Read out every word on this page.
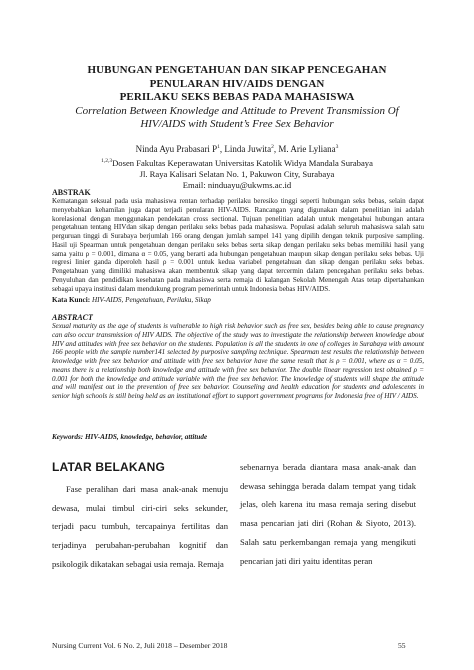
HUBUNGAN PENGETAHUAN DAN SIKAP PENCEGAHAN
PENULARAN HIV/AIDS DENGAN
PERILAKU SEKS BEBAS PADA MAHASISWA
Correlation Between Knowledge and Attitude to Prevent Transmission Of
HIV/AIDS with Student’s Free Sex Behavior
Ninda Ayu Prabasari $P^1$, Linda Juwita$^2$, M. Arie Lyliana$^3$
$^{1,2,3}$Dosen Fakultas Keperawatan Universitas Katolik Widya Mandala Surabaya
Jl. Raya Kalisari Selatan No. 1, Pakuwon City, Surabaya
Email: ninduayu@ukwms.ac.id
ABSTRAK

Kematangan seksual pada usia mahasiswa rentan terhadap perilaku beresiko tinggi seperti hubungan seks bebas, selain dapat menyebabkan kehamilan juga dapat terjadi penularan HIV-AIDS. Rancangan yang digunakan dalam penelitian ini adalah korelasional dengan menggunakan pendekatan cross sectional. Tujuan penelitian adalah untuk mengetahui hubungan antara pengetahuan tentang HIVdan sikap dengan perilaku seks bebas pada mahasiswa. Populasi adalah seluruh mahasiswa salah satu perguruan tinggi di Surabaya berjumlah 166 orang dengan jumlah sampel 141 yang dipilih dengan teknik purposive sampling. Hasil uji Spearman untuk pengetahuan dengan perilaku seks bebas serta sikap dengan perilaku seks bebas memiliki hasil yang sama yaitu ρ = 0.001, dimana α = 0.05, yang berarti ada hubungan pengetahuan maupun sikap dengan perilaku seks bebas. Uji regresi linier ganda diperoleh hasil ρ = 0.001 untuk kedua variabel pengetahuan dan sikap dengan perilaku seks bebas. Pengetahuan yang dimiliki mahasiswa akan membentuk sikap yang dapat tercermin dalam pencegahan perilaku seks bebas. Penyuluhan dan pendidikan kesehatan pada mahasiswa serta remaja di kalangan Sekolah Menengah Atas tetap dipertahankan sebagai upaya institusi dalam mendukung program pemerintah untuk Indonesia bebas HIV/AIDS.

Kata Kunci: HIV-AIDS, Pengetahuan, Perilaku, Sikap
ABSTRACT

Sexual maturity as the age of students is vulnerable to high risk behavior such as free sex, besides being able to cause pregnancy can also occur transmission of HIV AIDS. The objective of the study was to investigate the relationship between knowledge about HIV and attitudes with free sex behavior on the students. Population is all the students in one of colleges in Surabaya with amount 166 people with the sample number141 selected by purposive sampling technique. Spearman test results the relationship between knowledge with free sex behavior and attitude with free sex behavior have the same result that is ρ = 0.001, where as α = 0.05, means there is a relationship both knowledge and attitude with free sex behavior. The double linear regression test obtained ρ = 0.001 for both the knowledge and attitude variable with the free sex behavior. The knowledge of students will shape the attitude and will manifest out in the prevention of free sex behavior. Counseling and health education for students and adolescents in senior high schools is still being held as an institutional effort to support government programs for Indonesia free of HIV / AIDS.

Keywords: HIV-AIDS, knowledge, behavior, attitude
LATAR BELAKANG

Fase peralihan dari masa anak-anak menuju dewasa, mulai timbul ciri-ciri seks sekunder, terjadi pacu tumbuh, tercapainya fertilitas dan terjadinya perubahan-perubahan kognitif dan psikologik dikatakan sebagai usia remaja. Remaja

sebenarnya berada diantara masa anak-anak dan dewasa sehingga berada dalam tempat yang tidak jelas, oleh karena itu masa remaja sering disebut masa pencarian jati diri (Rohan & Siyoto, 2013). Salah satu perkembangan remaja yang mengikuti pencarian jati diri yaitu identitas peran

Nursing Current Vol. 6 No. 2, Juli 2018 – Desember 2018	55
